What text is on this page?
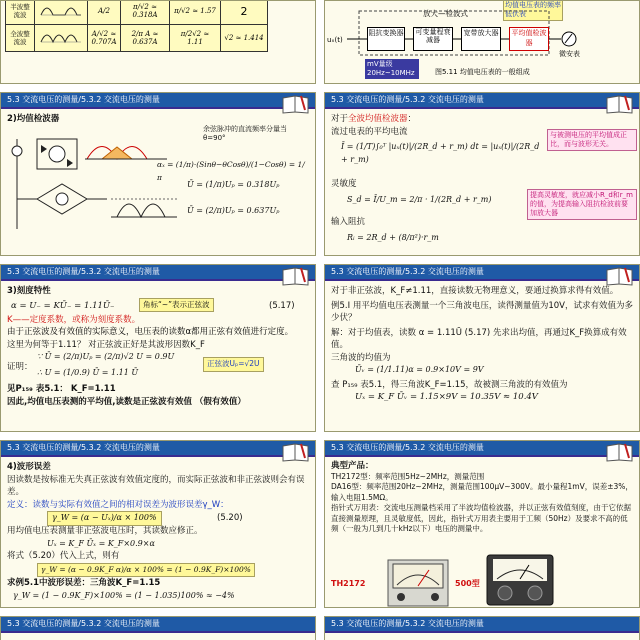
半波整流波		A/2	π/√2 ≈ 0.318A	π/√2 ≈ 1.57	2
全波整流波		A/√2 ≈ 0.707A	2/π A ≈ 0.637A	π/2√2 ≈ 1.11	√2 ≈ 1.414
放大—检波式
均值电压表的频率低伏表
阻抗变换器	可变量程衰减器
宽带放大器	平均值检波器
uₓ(t)
微安表
mV量级 20Hz~10MHz	图5.11 均值电压表的一般组成
5.3 交流电压的测量/5.3.2 交流电压的测量
2)均值检波器
余弦脉冲的直流频率分量当θ=90°
αₓ = (1/π)·(Sinθ−θCosθ)/(1−Cosθ) = 1/π
Ū = (1/π)Uₚ = 0.318Uₚ
Ū = (2/π)Uₚ = 0.637Uₚ
5.3 交流电压的测量/5.3.2 交流电压的测量
对于全波均值检波器：
流过电表的平均电流
Ī = (1/T)∫₀ᵀ |uₓ(t)|/(2R_d + r_m) dt = |uₓ(t)|/(2R_d + r_m)
与被测电压的平均值成正比，而与波形无关。
灵敏度
S_d = Ī/U_m = 2/π · 1/(2R_d + r_m)	提高灵敏度，就应减小R_d和r_m的值，为提高输入阻抗检波前要加放大器
输入阻抗
Rᵢ = 2R_d + (8/π²)·r_m
5.3 交流电压的测量/5.3.2 交流电压的测量
3)刻度特性
α = U₋ = KŪ₋ = 1.11Ū₋	角标“~”表示正弦波	(5.17)
K——定度系数，或称为刻度系数。
由于正弦波及有效值的实际意义，电压表的读数α都用正弦有效值进行定度。
这里为何等于1.11？ 对正弦波正好是其波形因数K_F
证明：
∵ Ū = (2/π)Uₚ = (2/π)√2 U = 0.9U
∴ U = (1/0.9) Ū = 1.11 Ū
正弦波Uₚ=√2U
见P₁₅₉ 表5.1： K_F=1.11
因此,均值电压表测的平均值,读数是正弦波有效值 （假有效值）
5.3 交流电压的测量/5.3.2 交流电压的测量
对于非正弦波，K_F≠1.11，直接读数无物理意义，要通过换算求得有效值。
例5.I 用平均值电压表测量一个三角波电压，读得测量值为10V，试求有效值为多少伏？
解：对于均值表，读数 α = 1.11Ū (5.17) 先求出均值，再通过K_F换算成有效值。
三角波的均值为
Ūᵥ = (1/1.11)α = 0.9×10V = 9V
查 P₁₅₉ 表5.1，得三角波K_F=1.15，故被测三角波的有效值为
Uₓ = K_F Ūᵥ = 1.15×9V = 10.35V ≈ 10.4V
5.3 交流电压的测量/5.3.2 交流电压的测量
4)波形误差
因读数是按标准无失真正弦波有效值定度的，而实际正弦波和非正弦波则会有误差。
定义：读数与实际有效值之间的相对误差为波形误差γ_W：
γ_W = (α − Uₓ)/α × 100%	(5.20)
用均值电压表测量非正弦波电压时，其读数应修正。
Uₓ = K_F Ūₓ = K_F×0.9×α
将式（5.20）代入上式，则有
γ_W = (α − 0.9K_F α)/α × 100% = (1 − 0.9K_F)×100%
求例5.1中波形误差：三角波K_F=1.15
γ_W = (1 − 0.9K_F)×100% = (1 − 1.035)100% ≈ −4%
5.3 交流电压的测量/5.3.2 交流电压的测量
典型产品：
TH2172型：频率范围5Hz~2MHz，测量范围
DA16型：频率范围20Hz~2MHz，测量范围100μV~300V。最小量程1mV，误差±3%，输入电阻1.5MΩ。
指针式万用表：交流电压测量档采用了半波均值检波器，并以正弦有效值刻度，由于它依据直接测量原理，且灵敏度低，因此，指针式万用表主要用于工频（50Hz）及要求不高的低频（一般为几到几十kHz以下）电压的测量中。
TH2172	500型
5.3 交流电压的测量/5.3.2 交流电压的测量	5.3 交流电压的测量/5.3.2 交流电压的测量
